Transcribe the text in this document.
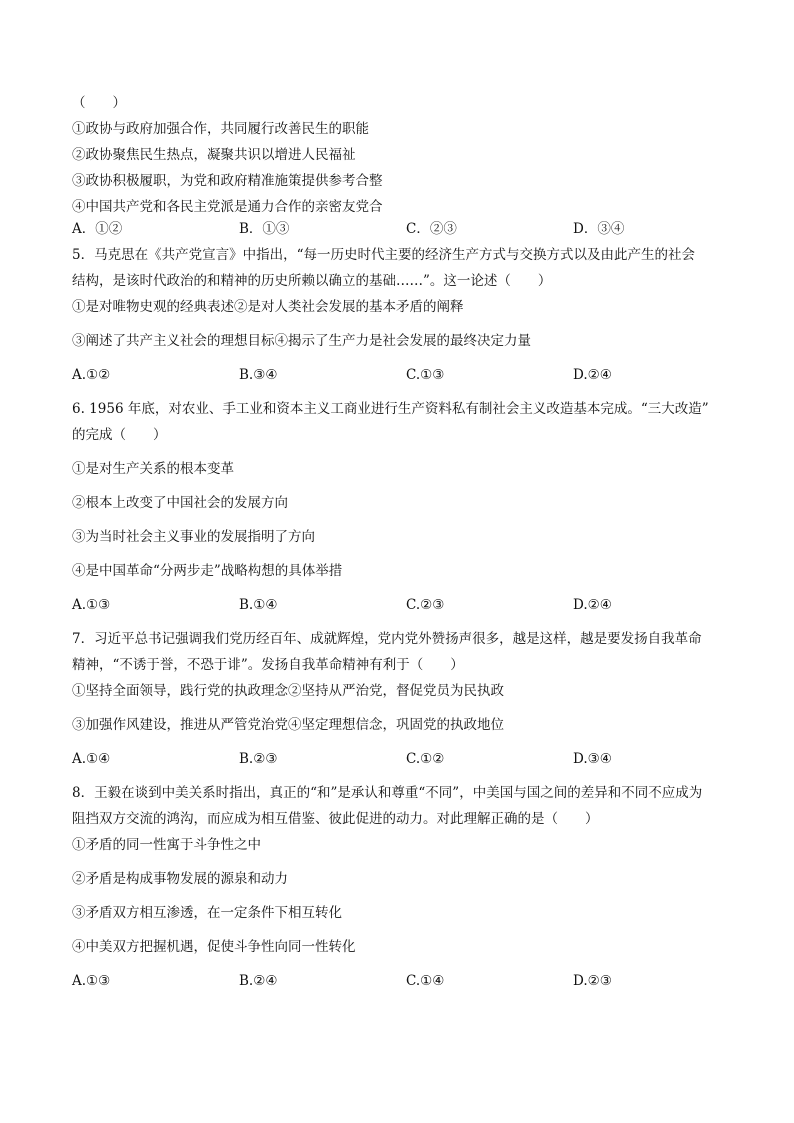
（　　）

①政协与政府加强合作，共同履行改善民生的职能

②政协聚焦民生热点，凝聚共识以增进人民福祉

③政协积极履职，为党和政府精准施策提供参考合整

④中国共产党和各民主党派是通力合作的亲密友党合

A．①②	B．①③	C．②③	D．③④

5．马克思在《共产党宣言》中指出，“每一历史时代主要的经济生产方式与交换方式以及由此产生的社会

结构，是该时代政治的和精神的历史所赖以确立的基础……”。这一论述（　　）

①是对唯物史观的经典表述②是对人类社会发展的基本矛盾的阐释

③阐述了共产主义社会的理想目标④揭示了生产力是社会发展的最终决定力量

A.①②	B.③④	C.①③	D.②④

6. 1956 年底，对农业、手工业和资本主义工商业进行生产资料私有制社会主义改造基本完成。“三大改造”

的完成（　　）

①是对生产关系的根本变革

②根本上改变了中国社会的发展方向

③为当时社会主义事业的发展指明了方向

④是中国革命“分两步走”战略构想的具体举措

A.①③	B.①④	C.②③	D.②④

7．习近平总书记强调我们党历经百年、成就辉煌，党内党外赞扬声很多，越是这样，越是要发扬自我革命

精神，“不诱于誉，不恐于诽”。发扬自我革命精神有利于（　　）

①坚持全面领导，践行党的执政理念②坚持从严治党，督促党员为民执政

③加强作风建设，推进从严管党治党④坚定理想信念，巩固党的执政地位

A.①④	B.②③	C.①②	D.③④

8．王毅在谈到中美关系时指出，真正的“和”是承认和尊重“不同”，中美国与国之间的差异和不同不应成为

阻挡双方交流的鸿沟，而应成为相互借鉴、彼此促进的动力。对此理解正确的是（　　）

①矛盾的同一性寓于斗争性之中

②矛盾是构成事物发展的源泉和动力

③矛盾双方相互渗透，在一定条件下相互转化

④中美双方把握机遇，促使斗争性向同一性转化

A.①③	B.②④	C.①④	D.②③
